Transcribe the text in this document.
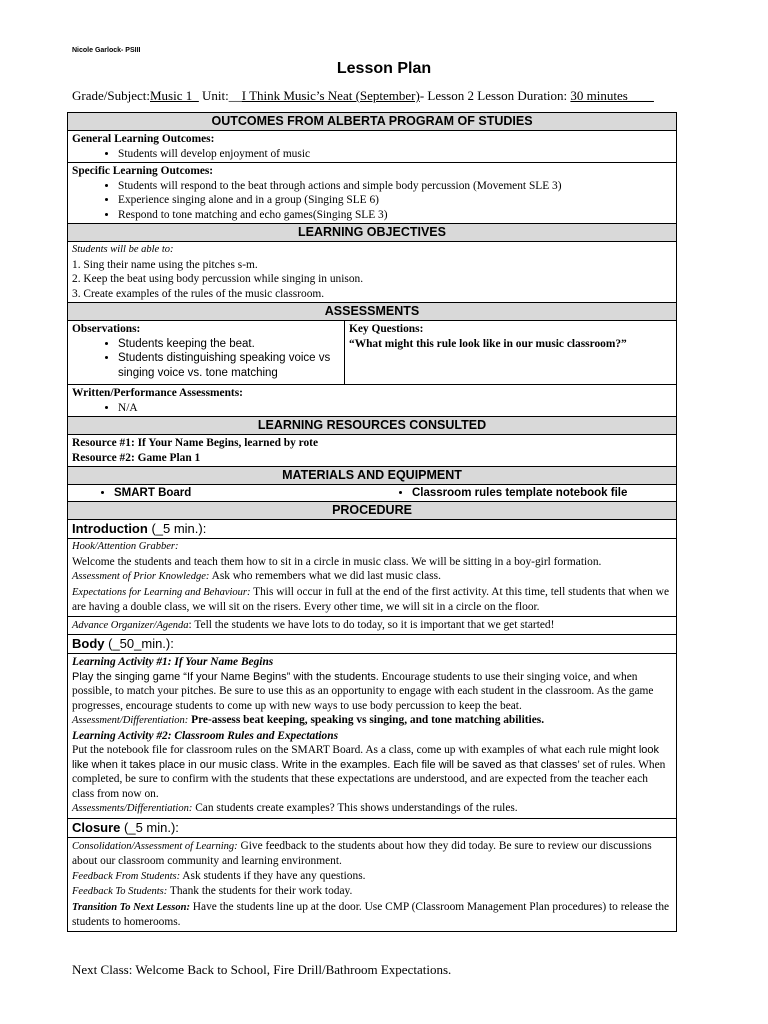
Nicole Garlock- PSIII
Lesson Plan
Grade/Subject:Music 1_ Unit:__I Think Music’s Neat (September)- Lesson 2 Lesson Duration: 30 minutes____
OUTCOMES FROM ALBERTA PROGRAM OF STUDIES
General Learning Outcomes:
• Students will develop enjoyment of music
Specific Learning Outcomes:
• Students will respond to the beat through actions and simple body percussion (Movement SLE 3)
• Experience singing alone and in a group (Singing SLE 6)
• Respond to tone matching and echo games(Singing SLE 3)
LEARNING OBJECTIVES
Students will be able to:
1. Sing their name using the pitches s-m.
2. Keep the beat using body percussion while singing in unison.
3. Create examples of the rules of the music classroom.
ASSESSMENTS
Observations:
• Students keeping the beat.
• Students distinguishing speaking voice vs singing voice vs. tone matching
Key Questions:
“What might this rule look like in our music classroom?”
Written/Performance Assessments:
• N/A
LEARNING RESOURCES CONSULTED
Resource #1: If Your Name Begins, learned by rote
Resource #2: Game Plan 1
MATERIALS AND EQUIPMENT
• SMART Board
•	Classroom rules template notebook file
PROCEDURE
Introduction (_5 min.):
Hook/Attention Grabber:
Welcome the students and teach them how to sit in a circle in music class. We will be sitting in a boy-girl formation.
Assessment of Prior Knowledge: Ask who remembers what we did last music class.
Expectations for Learning and Behaviour: This will occur in full at the end of the first activity. At this time, tell students that when we are having a double class, we will sit on the risers. Every other time, we will sit in a circle on the floor.
Advance Organizer/Agenda: Tell the students we have lots to do today, so it is important that we get started!
Body (_50_min.):
Learning Activity #1: If Your Name Begins
Play the singing game “If your Name Begins” with the students. Encourage students to use their singing voice, and when possible, to match your pitches. Be sure to use this as an opportunity to engage with each student in the classroom. As the game progresses, encourage students to come up with new ways to use body percussion to keep the beat.
Assessment/Differentiation: Pre-assess beat keeping, speaking vs singing, and tone matching abilities.
Learning Activity #2: Classroom Rules and Expectations
Put the notebook file for classroom rules on the SMART Board. As a class, come up with examples of what each rule might look like when it takes place in our music class. Write in the examples. Each file will be saved as that classes’ set of rules. When completed, be sure to confirm with the students that these expectations are understood, and are expected from the teacher each class from now on.
Assessments/Differentiation: Can students create examples? This shows understandings of the rules.
Closure (_5 min.):
Consolidation/Assessment of Learning: Give feedback to the students about how they did today. Be sure to review our discussions about our classroom community and learning environment.
Feedback From Students: Ask students if they have any questions.
Feedback To Students: Thank the students for their work today.
Transition To Next Lesson: Have the students line up at the door. Use CMP (Classroom Management Plan procedures) to release the students to homerooms.
Next Class: Welcome Back to School, Fire Drill/Bathroom Expectations.
